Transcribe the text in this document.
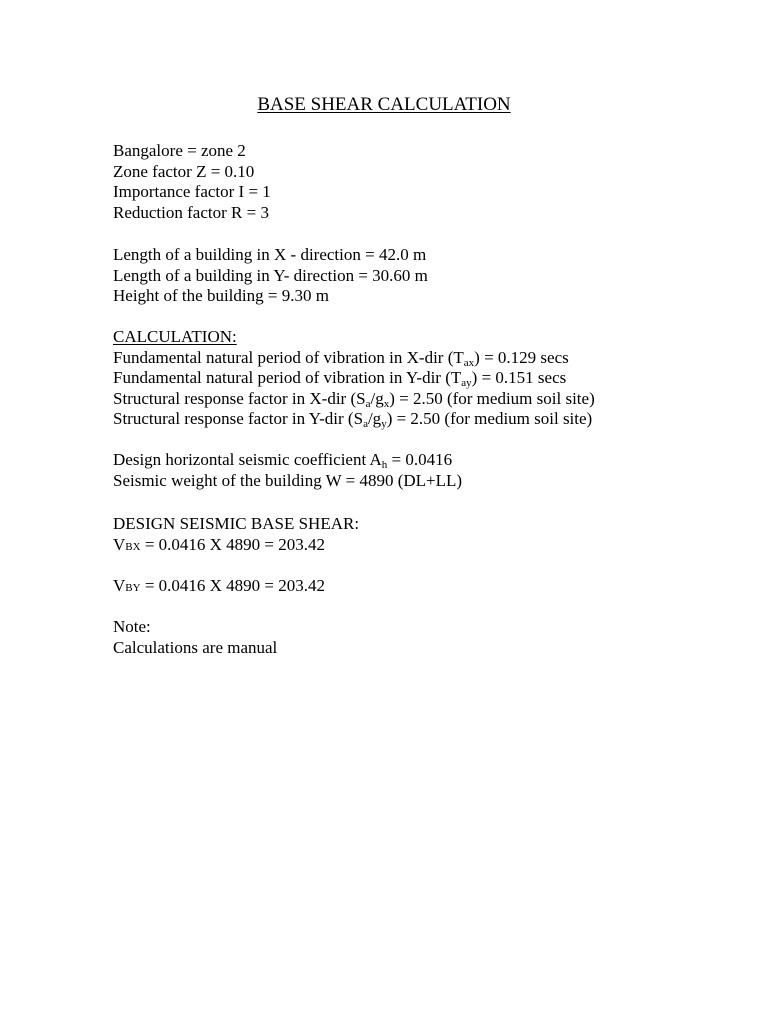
BASE SHEAR CALCULATION
Bangalore = zone 2
Zone factor Z = 0.10
Importance factor I = 1
Reduction factor R = 3
Length of a building in X - direction = 42.0 m
Length of a building in Y- direction = 30.60 m
Height of the building = 9.30 m
CALCULATION:
Fundamental natural period of vibration in X-dir $(T_{ax}) = 0.129$ secs
Fundamental natural period of vibration in Y-dir $(T_{ay}) = 0.151$ secs
Structural response factor in X-dir $(S_a/g_x) = 2.50$ (for medium soil site)
Structural response factor in Y-dir $(S_a/g_y) = 2.50$ (for medium soil site)
Design horizontal seismic coefficient $A_h = 0.0416$
Seismic weight of the building W = 4890 (DL+LL)
DESIGN SEISMIC BASE SHEAR:
VBX = 0.0416 X 4890 = 203.42
VBY = 0.0416 X 4890 = 203.42
Note:
Calculations are manual
